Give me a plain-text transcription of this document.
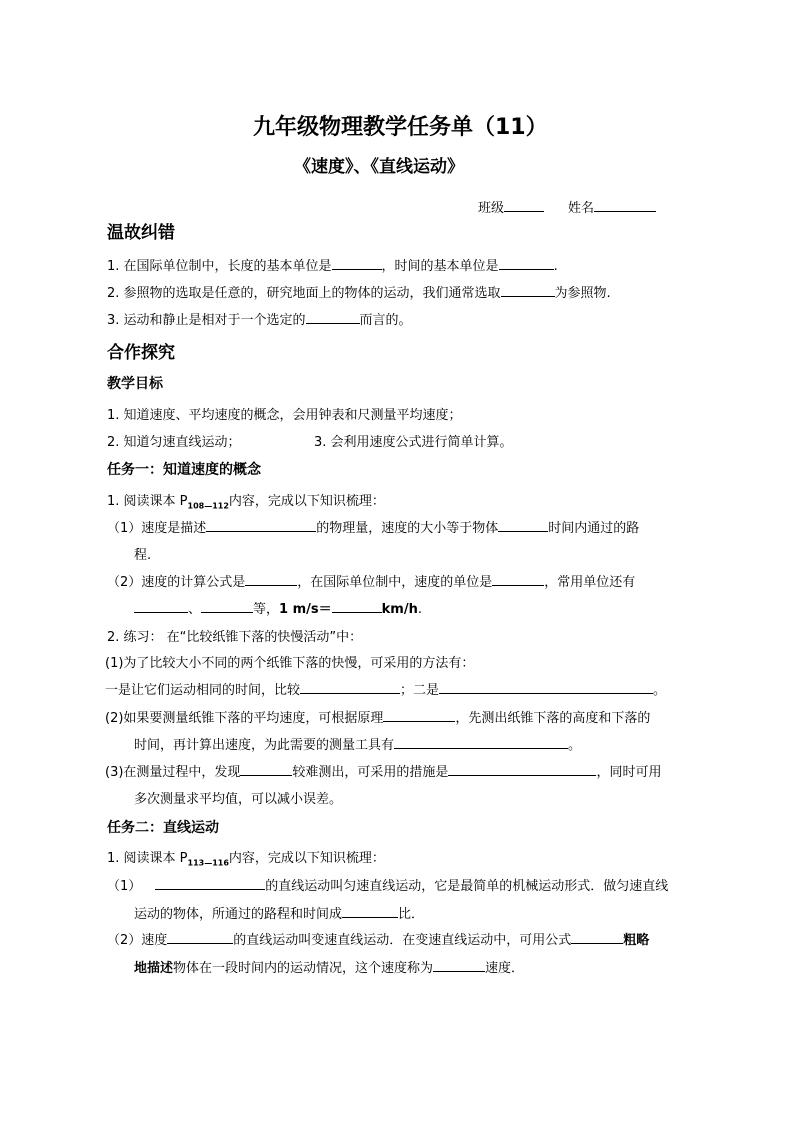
九年级物理教学任务单（11）
《速度》、《直线运动》
班级	姓名
温故纠错
1. 在国际单位制中，长度的基本单位是	，时间的基本单位是	.
2. 参照物的选取是任意的，研究地面上的物体的运动，我们通常选取	为参照物.
3. 运动和静止是相对于一个选定的	而言的。
合作探究
教学目标
1. 知道速度、平均速度的概念，会用钟表和尺测量平均速度；
2. 知道匀速直线运动；	3. 会利用速度公式进行简单计算。
任务一：知道速度的概念
1. 阅读课本 $P_{108—112}$内容，完成以下知识梳理：
（1）速度是描述	的物理量，速度的大小等于物体	时间内通过的路
程.
（2）速度的计算公式是	，在国际单位制中，速度的单位是	，常用单位还有
、	等，1 m/s＝	km/h.
2. 练习： 在“比较纸锥下落的快慢活动”中：
(1)为了比较大小不同的两个纸锥下落的快慢，可采用的方法有：
一是让它们运动相同的时间，比较	；二是	。
(2)如果要测量纸锥下落的平均速度，可根据原理	，先测出纸锥下落的高度和下落的
时间，再计算出速度，为此需要的测量工具有	。
(3)在测量过程中，发现	较难测出，可采用的措施是	，同时可用
多次测量求平均值，可以减小误差。
任务二：直线运动
1. 阅读课本 $P_{113—116}$内容，完成以下知识梳理：
（1）	的直线运动叫匀速直线运动，它是最简单的机械运动形式．做匀速直线
运动的物体，所通过的路程和时间成	比．
（2）速度	的直线运动叫变速直线运动．在变速直线运动中，可用公式	粗略
地描述物体在一段时间内的运动情况，这个速度称为	速度．
